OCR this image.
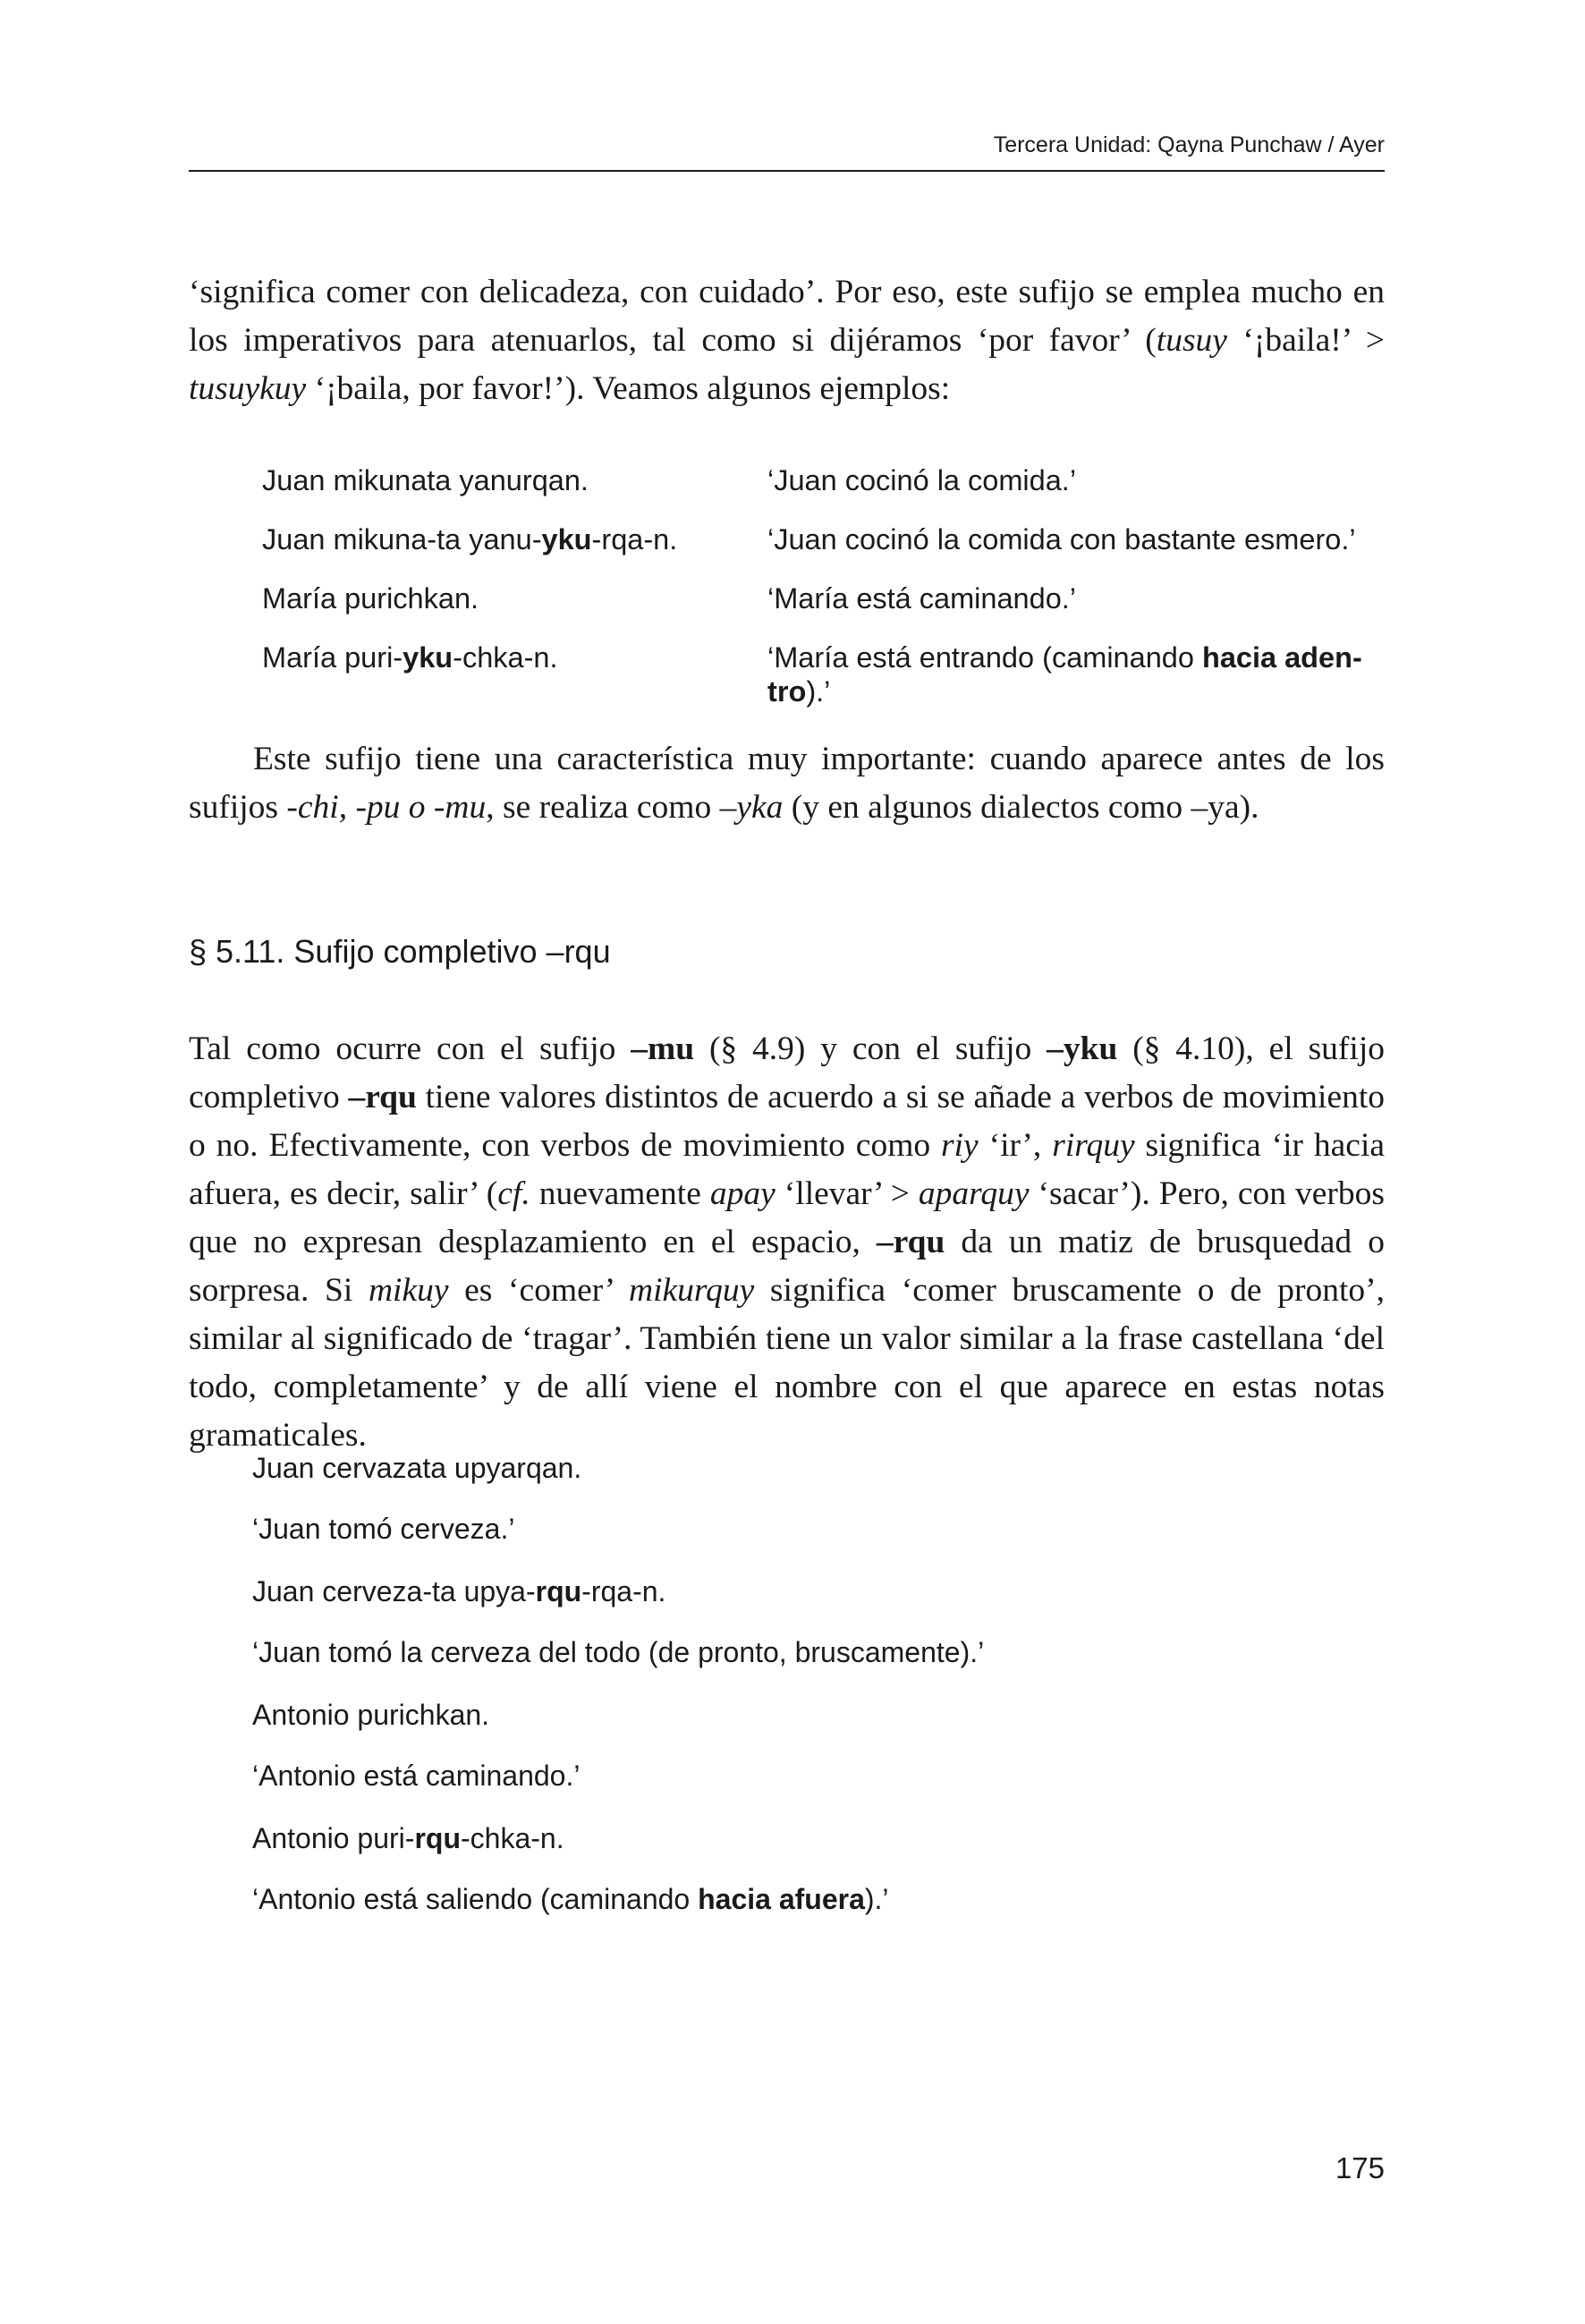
Tercera Unidad: Qayna Punchaw / Ayer

‘significa comer con delicadeza, con cuidado’. Por eso, este sufijo se emplea mucho en los imperativos para atenuarlos, tal como si dijéramos ‘por favor’ (tusuy ‘¡baila!’ > tusuykuy ‘¡baila, por favor!’). Veamos algunos ejemplos:

Juan mikunata yanurqan.	‘Juan cocinó la comida.’
Juan mikuna-ta yanu-yku-rqa-n.	‘Juan cocinó la comida con bastante esmero.’
María purichkan.	‘María está caminando.’
María puri-yku-chka-n.	‘María está entrando (caminando hacia aden-tro).’

Este sufijo tiene una característica muy importante: cuando aparece antes de los sufijos -chi, -pu o -mu, se realiza como –yka (y en algunos dialectos como –ya).

§ 5.11. Sufijo completivo –rqu

Tal como ocurre con el sufijo –mu (§ 4.9) y con el sufijo –yku (§ 4.10), el sufijo completivo –rqu tiene valores distintos de acuerdo a si se añade a verbos de movimiento o no. Efectivamente, con verbos de movimiento como riy ‘ir’, rirquy significa ‘ir hacia afuera, es decir, salir’ (cf. nuevamente apay ‘llevar’ > aparquy ‘sacar’). Pero, con verbos que no expresan desplazamiento en el espacio, –rqu da un matiz de brusquedad o sorpresa. Si mikuy es ‘comer’ mikurquy significa ‘comer bruscamente o de pronto’, similar al significado de ‘tragar’. También tiene un valor similar a la frase castellana ‘del todo, completamente’ y de allí viene el nombre con el que aparece en estas notas gramaticales.

Juan cervazata upyarqan.
‘Juan tomó cerveza.’
Juan cerveza-ta upya-rqu-rqa-n.
‘Juan tomó la cerveza del todo (de pronto, bruscamente).’
Antonio purichkan.
‘Antonio está caminando.’
Antonio puri-rqu-chka-n.
‘Antonio está saliendo (caminando hacia afuera).’
175
